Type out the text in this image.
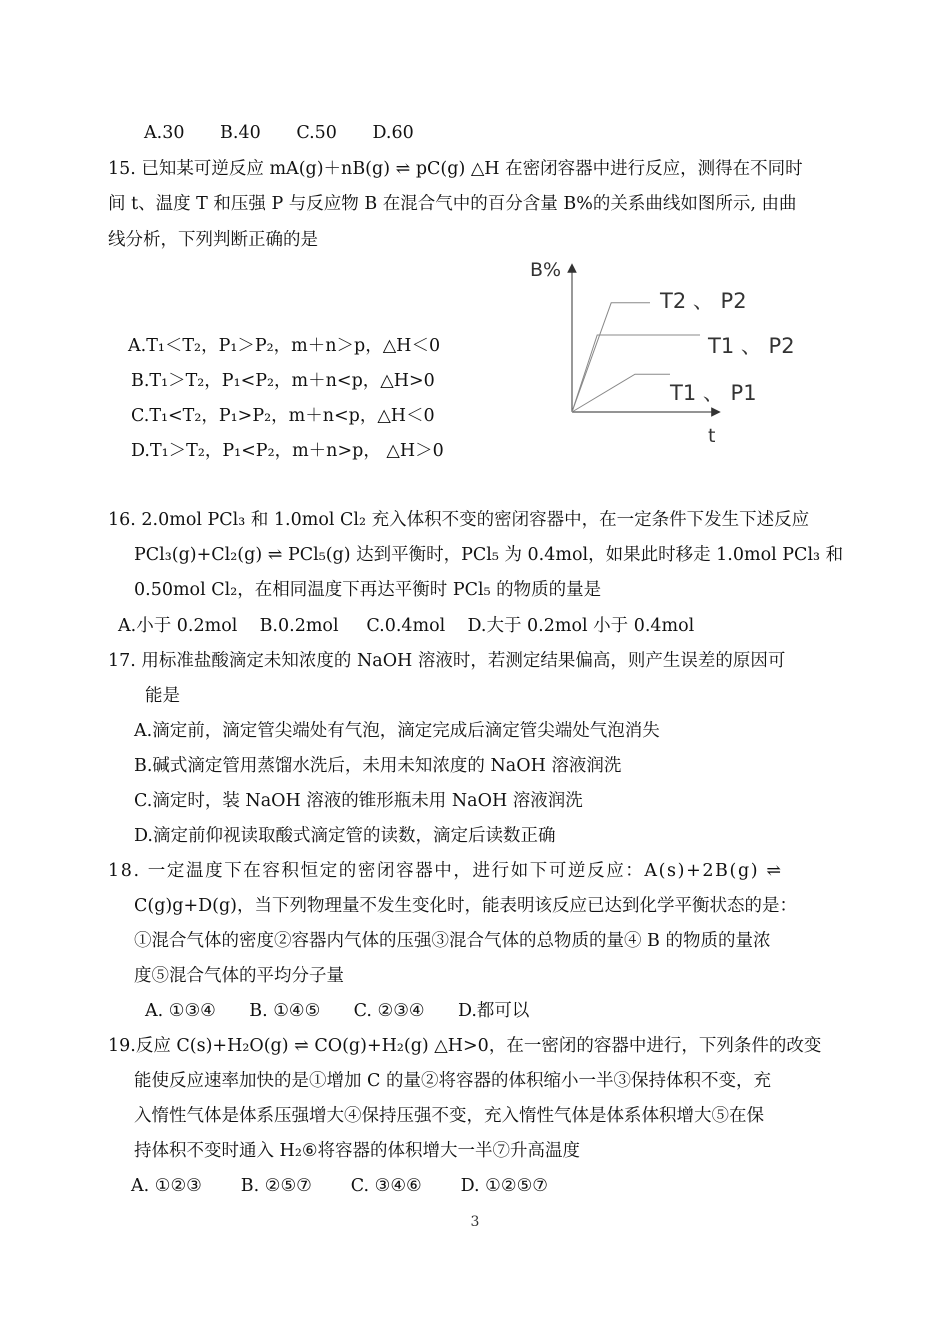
A.30 B.40 C.50 D.60
15. 已知某可逆反应 mA(g)＋nB(g) ⇌ pC(g) △H 在密闭容器中进行反应，测得在不同时
间 t、温度 T 和压强 P 与反应物 B 在混合气中的百分含量 B%的关系曲线如图所示, 由曲
线分析，下列判断正确的是
A.T₁＜T₂，P₁＞P₂，m＋n＞p，△H＜0
B.T₁＞T₂，P₁<P₂，m＋n<p，△H>0
C.T₁<T₂，P₁>P₂，m＋n<p，△H＜0
D.T₁＞T₂，P₁<P₂，m＋n>p， △H＞0
B%
t
T2 、 P2
T1 、 P2
T1 、 P1
16. 2.0mol PCl₃ 和 1.0mol Cl₂ 充入体积不变的密闭容器中，在一定条件下发生下述反应
PCl₃(g)+Cl₂(g) ⇌ PCl₅(g) 达到平衡时，PCl₅ 为 0.4mol，如果此时移走 1.0mol PCl₃ 和
0.50mol Cl₂，在相同温度下再达平衡时 PCl₅ 的物质的量是
A.小于 0.2mol    B.0.2mol     C.0.4mol    D.大于 0.2mol 小于 0.4mol
17. 用标准盐酸滴定未知浓度的 NaOH 溶液时，若测定结果偏高，则产生误差的原因可
能是
A.滴定前，滴定管尖端处有气泡，滴定完成后滴定管尖端处气泡消失
B.碱式滴定管用蒸馏水洗后，未用未知浓度的 NaOH 溶液润洗
C.滴定时，装 NaOH 溶液的锥形瓶未用 NaOH 溶液润洗
D.滴定前仰视读取酸式滴定管的读数，滴定后读数正确
18. 一定温度下在容积恒定的密闭容器中，进行如下可逆反应：A(s)+2B(g) ⇌
C(g)g+D(g)，当下列物理量不发生变化时，能表明该反应已达到化学平衡状态的是：
①混合气体的密度②容器内气体的压强③混合气体的总物质的量④ B 的物质的量浓
度⑤混合气体的平均分子量
A. ①③④      B. ①④⑤      C. ②③④      D.都可以
19.反应 C(s)+H₂O(g) ⇌ CO(g)+H₂(g) △H>0，在一密闭的容器中进行，下列条件的改变
能使反应速率加快的是①增加 C 的量②将容器的体积缩小一半③保持体积不变，充
入惰性气体是体系压强增大④保持压强不变，充入惰性气体是体系体积增大⑤在保
持体积不变时通入 H₂⑥将容器的体积增大一半⑦升高温度
A. ①②③       B. ②⑤⑦       C. ③④⑥       D. ①②⑤⑦
3
